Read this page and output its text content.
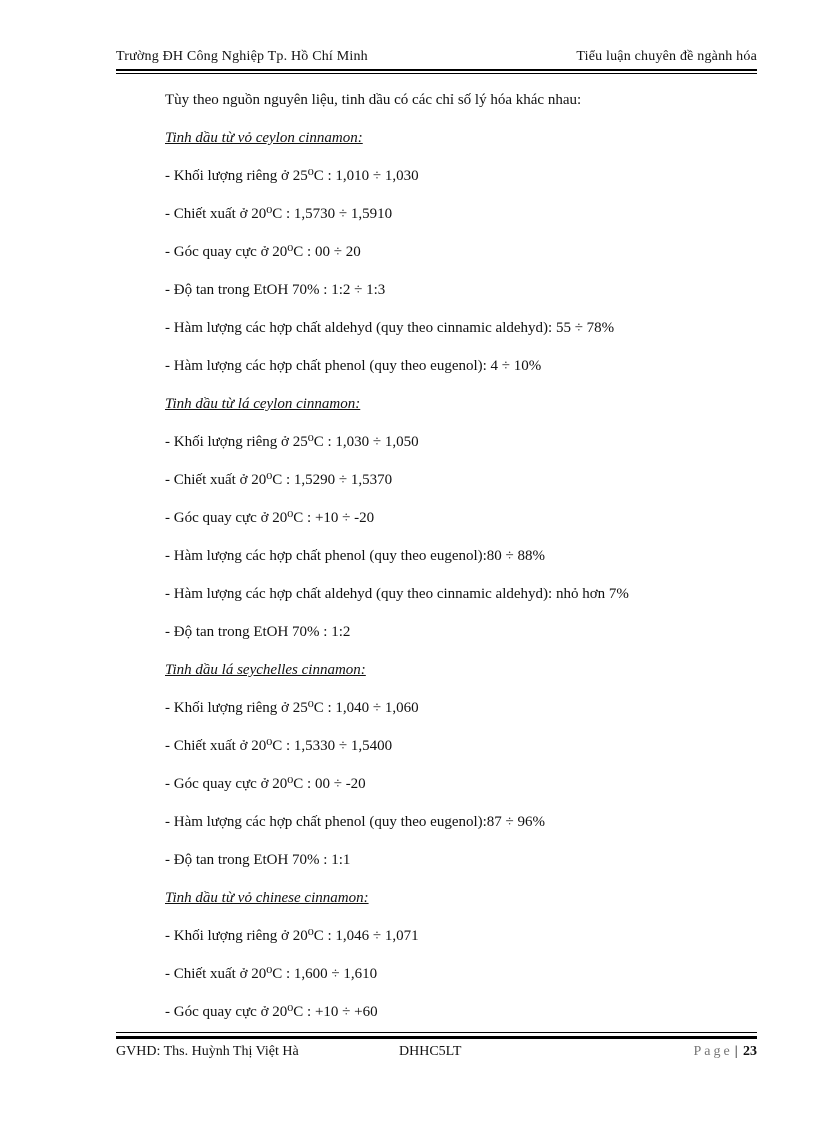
Trường ĐH Công Nghiệp Tp. Hồ Chí Minh	Tiểu luận chuyên đề ngành hóa
Tùy theo nguồn nguyên liệu, tinh dầu có các chỉ số lý hóa khác nhau:
Tinh dầu từ vỏ ceylon cinnamon:
- Khối lượng riêng ở 25⁰C : 1,010 ÷ 1,030
- Chiết xuất ở 20⁰C : 1,5730 ÷ 1,5910
- Góc quay cực ở 20⁰C : 00 ÷ 20
- Độ tan trong EtOH 70% : 1:2 ÷ 1:3
- Hàm lượng các hợp chất aldehyd (quy theo cinnamic aldehyd): 55 ÷ 78%
- Hàm lượng các hợp chất phenol (quy theo eugenol): 4 ÷ 10%
Tinh dầu từ lá ceylon cinnamon:
- Khối lượng riêng ở 25⁰C : 1,030 ÷ 1,050
- Chiết xuất ở 20⁰C : 1,5290 ÷ 1,5370
- Góc quay cực ở 20⁰C : +10 ÷ -20
- Hàm lượng các hợp chất phenol (quy theo eugenol):80 ÷ 88%
- Hàm lượng các hợp chất aldehyd (quy theo cinnamic aldehyd): nhỏ hơn 7%
- Độ tan trong EtOH 70% : 1:2
Tinh dầu lá seychelles cinnamon:
- Khối lượng riêng ở 25⁰C : 1,040 ÷ 1,060
- Chiết xuất ở 20⁰C : 1,5330 ÷ 1,5400
- Góc quay cực ở 20⁰C : 00 ÷ -20
- Hàm lượng các hợp chất phenol (quy theo eugenol):87 ÷ 96%
- Độ tan trong EtOH 70% : 1:1
Tinh dầu từ vỏ chinese cinnamon:
- Khối lượng riêng ở 20⁰C : 1,046 ÷ 1,071
- Chiết xuất ở 20⁰C : 1,600 ÷ 1,610
- Góc quay cực ở 20⁰C : +10 ÷ +60
GVHD: Ths. Huỳnh Thị Việt Hà	DHHC5LT	Page | 23
